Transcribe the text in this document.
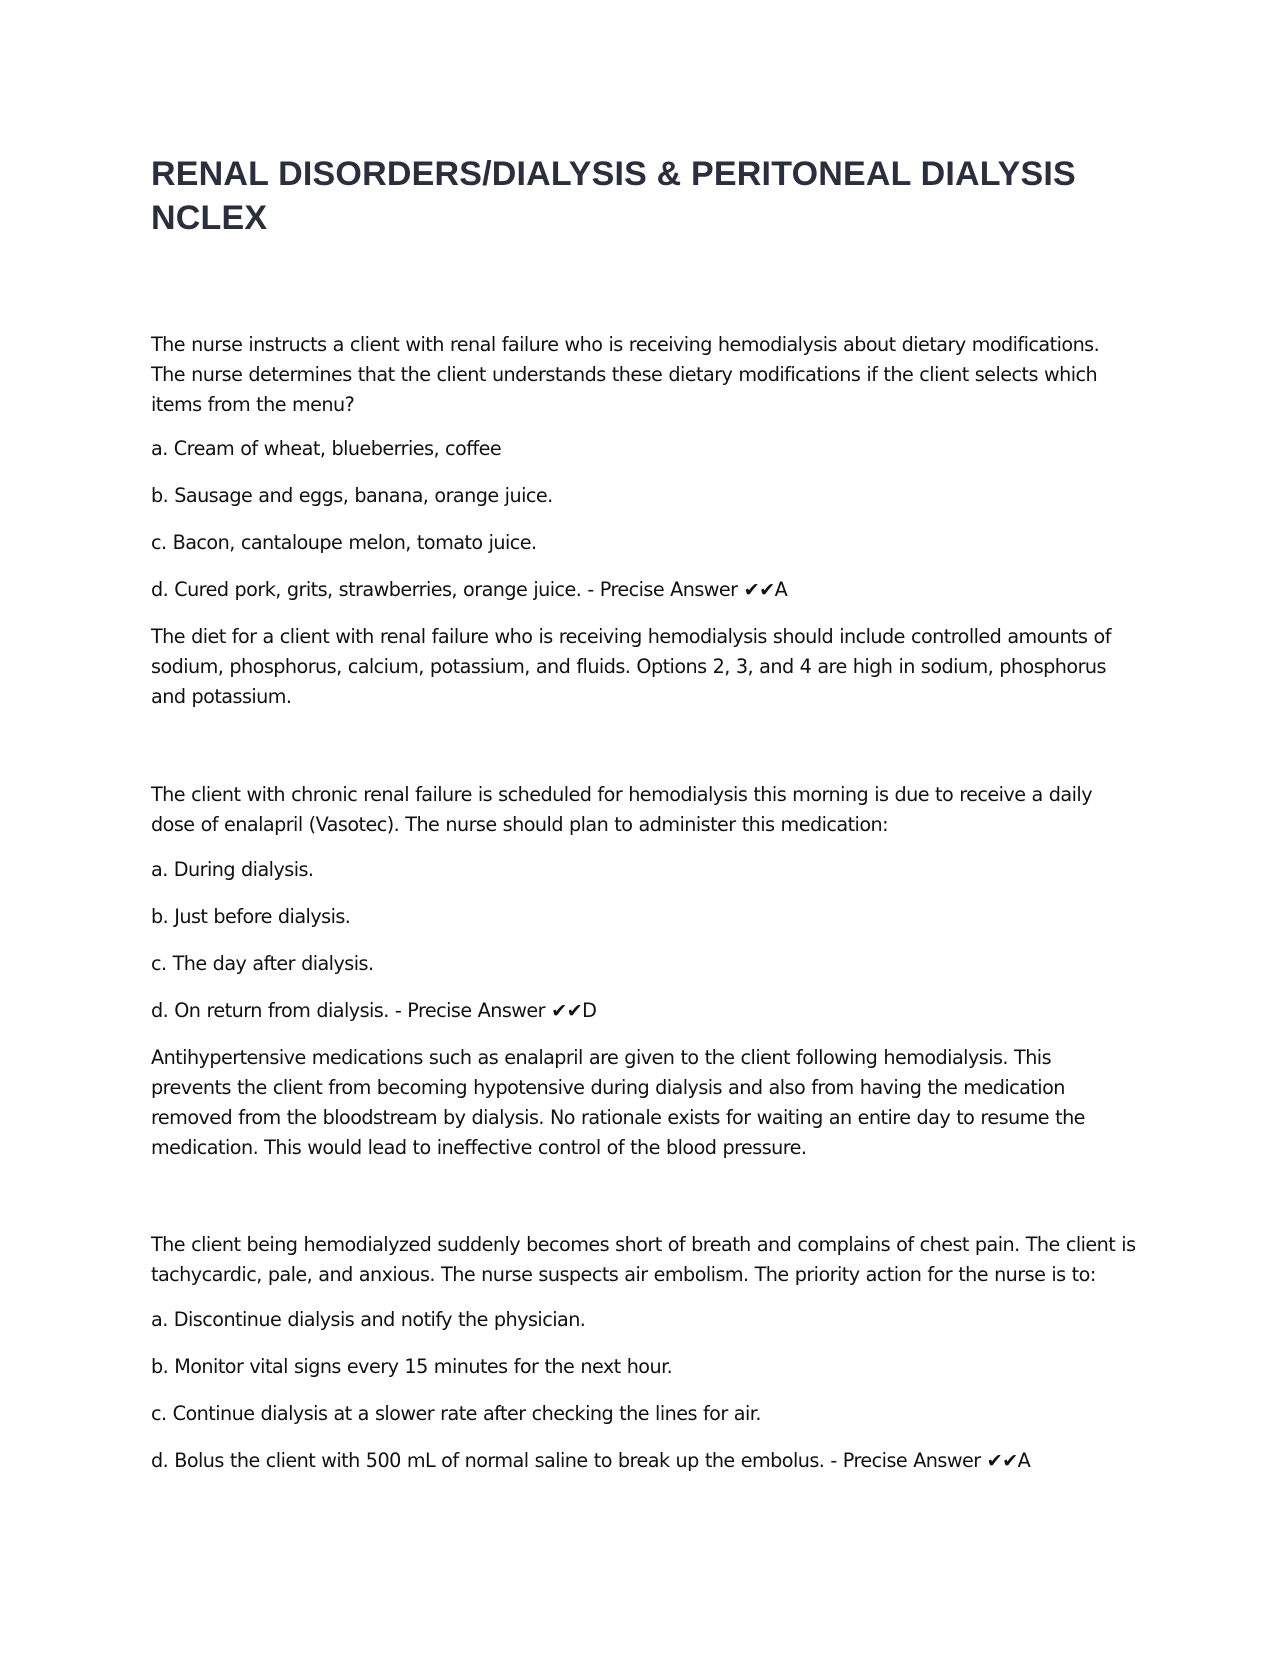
RENAL DISORDERS/DIALYSIS & PERITONEAL DIALYSIS NCLEX

The nurse instructs a client with renal failure who is receiving hemodialysis about dietary modifications. The nurse determines that the client understands these dietary modifications if the client selects which items from the menu?

a. Cream of wheat, blueberries, coffee

b. Sausage and eggs, banana, orange juice.

c. Bacon, cantaloupe melon, tomato juice.

d. Cured pork, grits, strawberries, orange juice. - Precise Answer ✔✔A

The diet for a client with renal failure who is receiving hemodialysis should include controlled amounts of sodium, phosphorus, calcium, potassium, and fluids. Options 2, 3, and 4 are high in sodium, phosphorus and potassium.

The client with chronic renal failure is scheduled for hemodialysis this morning is due to receive a daily dose of enalapril (Vasotec). The nurse should plan to administer this medication:

a. During dialysis.

b. Just before dialysis.

c. The day after dialysis.

d. On return from dialysis. - Precise Answer ✔✔D

Antihypertensive medications such as enalapril are given to the client following hemodialysis. This prevents the client from becoming hypotensive during dialysis and also from having the medication removed from the bloodstream by dialysis. No rationale exists for waiting an entire day to resume the medication. This would lead to ineffective control of the blood pressure.

The client being hemodialyzed suddenly becomes short of breath and complains of chest pain. The client is tachycardic, pale, and anxious. The nurse suspects air embolism. The priority action for the nurse is to:

a. Discontinue dialysis and notify the physician.

b. Monitor vital signs every 15 minutes for the next hour.

c. Continue dialysis at a slower rate after checking the lines for air.

d. Bolus the client with 500 mL of normal saline to break up the embolus. - Precise Answer ✔✔A
